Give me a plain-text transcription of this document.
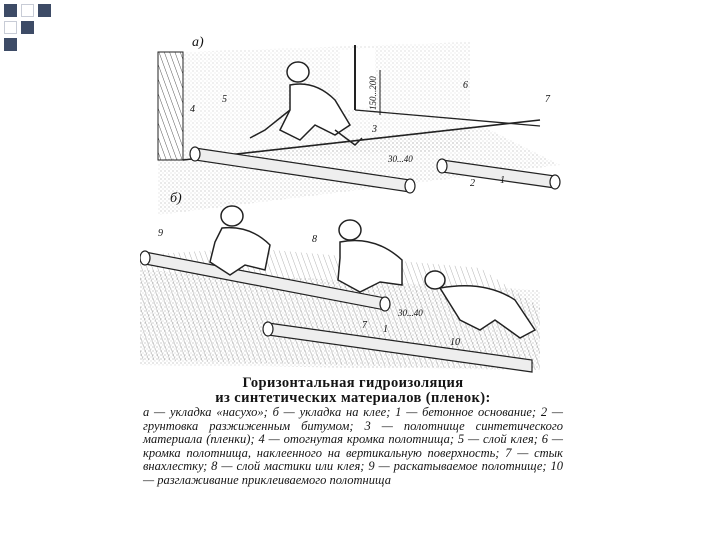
150...200
а)
4
5
6
7
3
30...40
2	1
б)
9
8
30...40
7 1
10
Горизонтальная гидроизоляция
из синтетических материалов (пленок):
а — укладка «насухо»; б — укладка на клее; 1 — бетонное основание; 2 — грунтовка разжиженным битумом; 3 — полотнище синтетического материала (пленки); 4 — отогнутая кромка полотнища; 5 — слой клея; 6 — кромка полотнища, наклеенного на вертикальную поверхность; 7 — стык внахлестку; 8 — слой мастики или клея; 9 — раскатываемое полотнище; 10 — разглаживание приклеиваемого полотнища
